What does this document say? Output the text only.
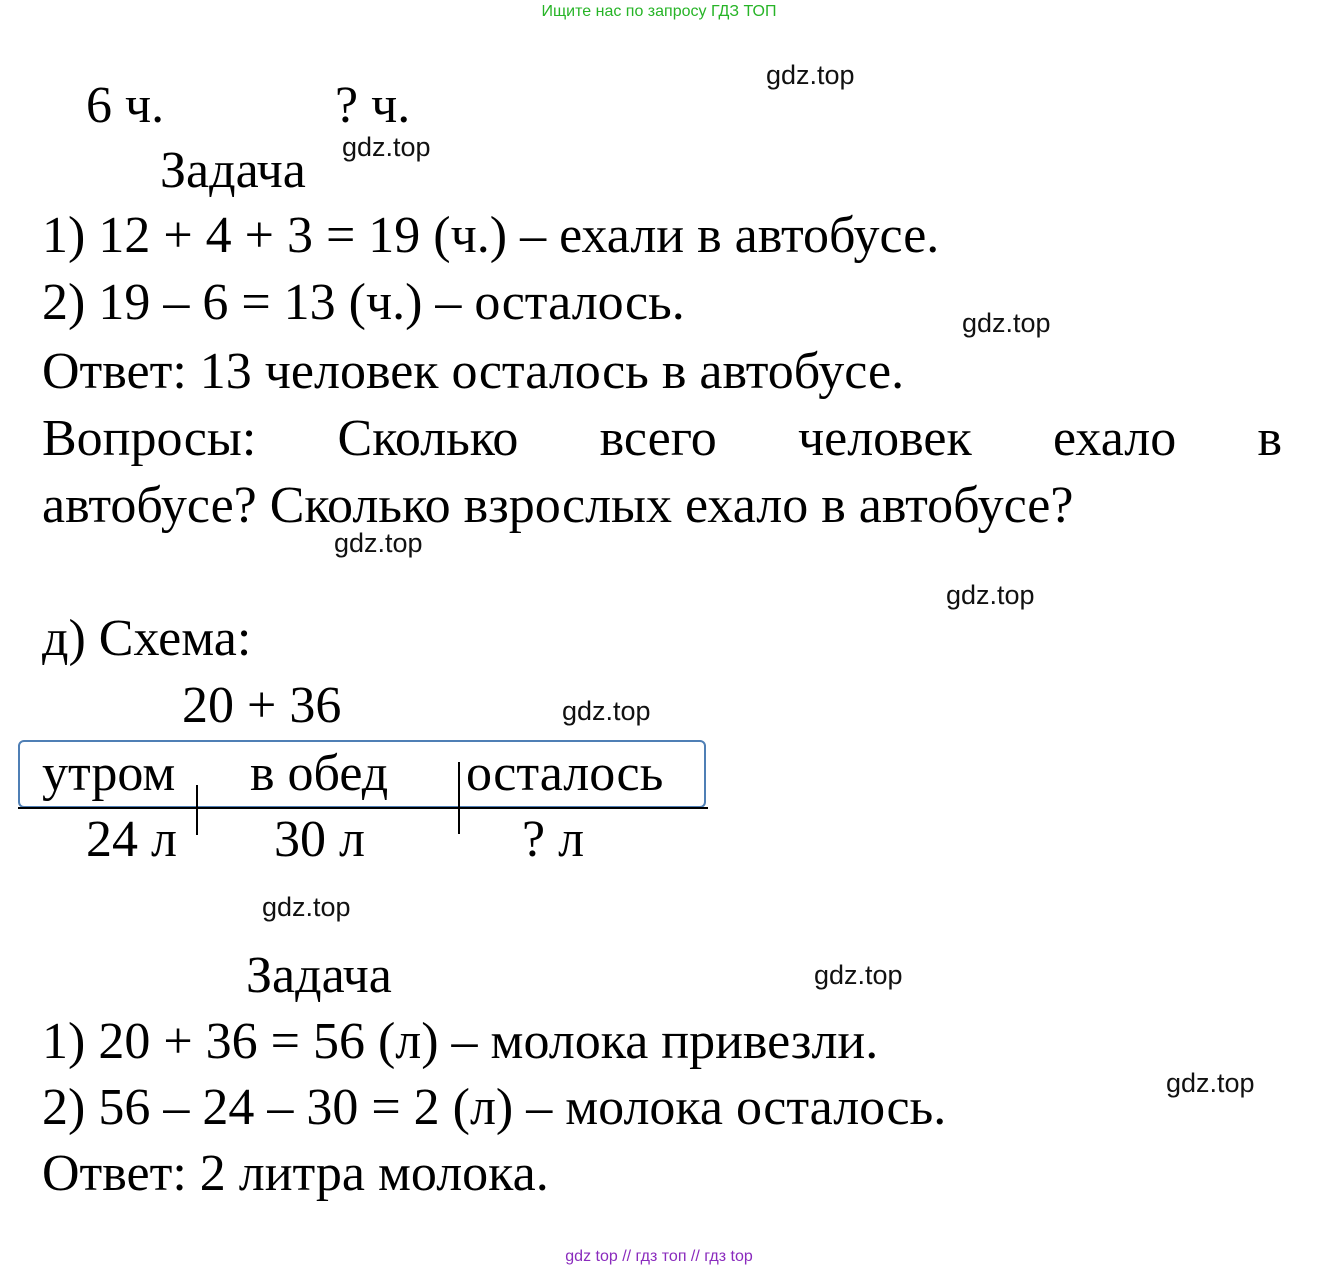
Ищите нас по запросу ГДЗ ТОП
6 ч.	? ч.
Задача
1) 12 + 4 + 3 = 19 (ч.) – ехали в автобусе.
2) 19 – 6 = 13 (ч.) – осталось.
Ответ: 13 человек осталось в автобусе.
Вопросы: Сколько всего человек ехало в
автобусе? Сколько взрослых ехало в автобусе?
д) Схема:
20 + 36
утром в обед осталось
24 л 30 л	? л
Задача
1) 20 + 36 = 56 (л) – молока привезли.
2) 56 – 24 – 30 = 2 (л) – молока осталось.
Ответ: 2 литра молока.
gdz.top
gdz.top
gdz.top
gdz.top
gdz.top
gdz.top
gdz.top
gdz.top
gdz.top
gdz top // гдз топ // гдз top
